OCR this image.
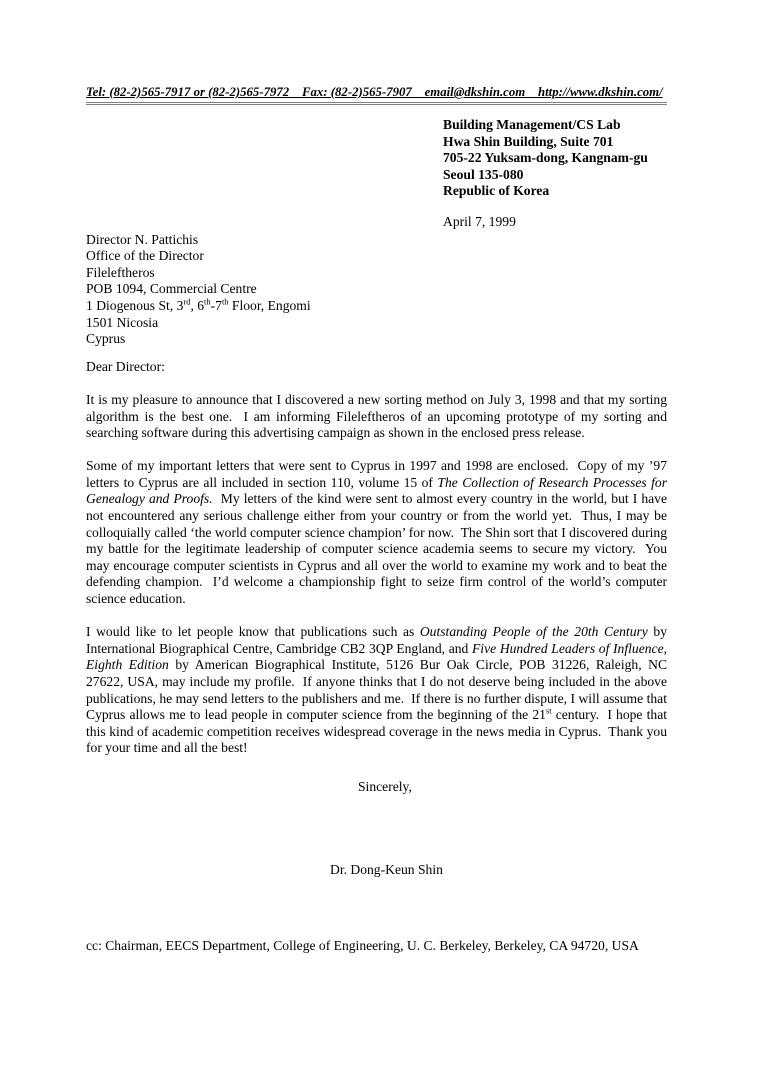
Tel: (82-2)565-7917 or (82-2)565-7972    Fax: (82-2)565-7907    email@dkshin.com    http://www.dkshin.com/
Building Management/CS Lab
Hwa Shin Building, Suite 701
705-22 Yuksam-dong, Kangnam-gu
Seoul 135-080
Republic of Korea
April 7, 1999
Director N. Pattichis
Office of the Director
Fileleftheros
POB 1094, Commercial Centre
1 Diogenous St, 3rd, 6th-7th Floor, Engomi
1501 Nicosia
Cyprus
Dear Director:

It is my pleasure to announce that I discovered a new sorting method on July 3, 1998 and that my sorting algorithm is the best one.  I am informing Fileleftheros of an upcoming prototype of my sorting and searching software during this advertising campaign as shown in the enclosed press release.

Some of my important letters that were sent to Cyprus in 1997 and 1998 are enclosed.  Copy of my ’97 letters to Cyprus are all included in section 110, volume 15 of The Collection of Research Processes for Genealogy and Proofs.  My letters of the kind were sent to almost every country in the world, but I have not encountered any serious challenge either from your country or from the world yet.  Thus, I may be colloquially called ‘the world computer science champion’ for now.  The Shin sort that I discovered during my battle for the legitimate leadership of computer science academia seems to secure my victory.  You may encourage computer scientists in Cyprus and all over the world to examine my work and to beat the defending champion.  I’d welcome a championship fight to seize firm control of the world’s computer science education.

I would like to let people know that publications such as Outstanding People of the 20th Century by International Biographical Centre, Cambridge CB2 3QP England, and Five Hundred Leaders of Influence, Eighth Edition by American Biographical Institute, 5126 Bur Oak Circle, POB 31226, Raleigh, NC 27622, USA, may include my profile.  If anyone thinks that I do not deserve being included in the above publications, he may send letters to the publishers and me.  If there is no further dispute, I will assume that Cyprus allows me to lead people in computer science from the beginning of the 21st century.  I hope that this kind of academic competition receives widespread coverage in the news media in Cyprus.  Thank you for your time and all the best!

Sincerely,
Dr. Dong-Keun Shin
cc: Chairman, EECS Department, College of Engineering, U. C. Berkeley, Berkeley, CA 94720, USA
